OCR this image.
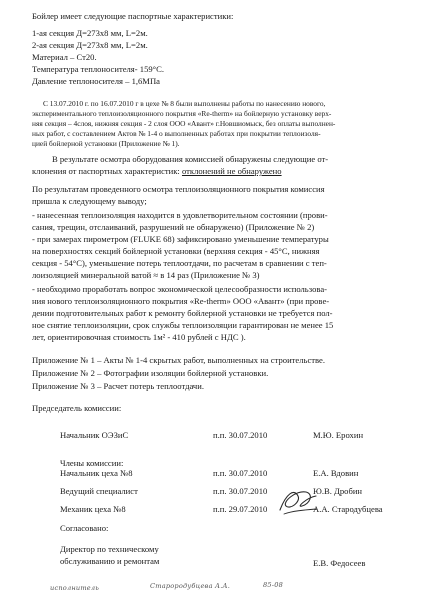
Бойлер имеет следующие паспортные характеристики:
1-ая секция Д=273х8 мм, L=2м.
2-ая секция Д=273х8 мм, L=2м.
Материал – Ст20.
Температура теплоносителя- 159°С.
Давление теплоносителя – 1,6МПа
С 13.07.2010 г. по 16.07.2010 г в цехе № 8 были выполнены работы по нанесению нового,
экспериментального теплоизоляционного покрытия «Re-therm» на бойлерную установку верх-
няя секция – 4слоя, нижняя секция - 2 слоя ООО «Авант» г.Новшиомыск, без оплаты выполнен-
ных работ, с составлением Актов № 1-4 о выполненных работах при покрытии теплоизоля-
цией бойлерной установки (Приложение № 1).
В результате осмотра оборудования комиссией обнаружены следующие от-
клонения от паспортных характеристик: отклонений не обнаружено
По результатам проведенного осмотра теплоизоляционного покрытия комиссия
пришла к следующему выводу;
- нанесенная теплоизоляция находится в удовлетворительном состоянии (прови-
сания, трещин, отслаиваний, разрушений не обнаружено) (Приложение № 2)
- при замерах пирометром (FLUKE 68) зафиксировано уменьшение температуры
на поверхностях секций бойлерной установки (верхняя секция - 45°С, нижняя
секция - 54°С), уменьшение потерь теплоотдачи, по расчетам в сравнении с теп-
лоизоляцией минеральной ватой ≈ в 14 раз (Приложение № 3)
- необходимо проработать вопрос экономической целесообразности использова-
ния нового теплоизоляционного покрытия «Re-therm» ООО «Авант» (при прове-
дении подготовительных работ к ремонту бойлерной установки не требуется пол-
ное снятие теплоизоляции, срок службы теплоизоляции гарантирован не менее 15
лет, ориентировочная стоимость 1м² - 410 рублей с НДС ).
Приложение № 1 – Акты № 1-4 скрытых работ, выполненных на строительстве.
Приложение № 2 – Фотографии изоляции бойлерной установки.
Приложение № 3 – Расчет потерь теплоотдачи.
Председатель комиссии:
Начальник ОЭЗиС	п.п. 30.07.2010	М.Ю. Ерохин
Члены комиссии:
Начальник цеха №8	п.п. 30.07.2010	Е.А. Вдовин
Ведущий специалист	п.п. 30.07.2010	Ю.В. Дробин
Механик цеха №8	п.п. 29.07.2010	А.А. Стародубцева
Согласовано:
Директор по техническому
обслуживанию и ремонтам	Е.В. Федосеев
исполнитель	Старородубцева А.А.	85-08
